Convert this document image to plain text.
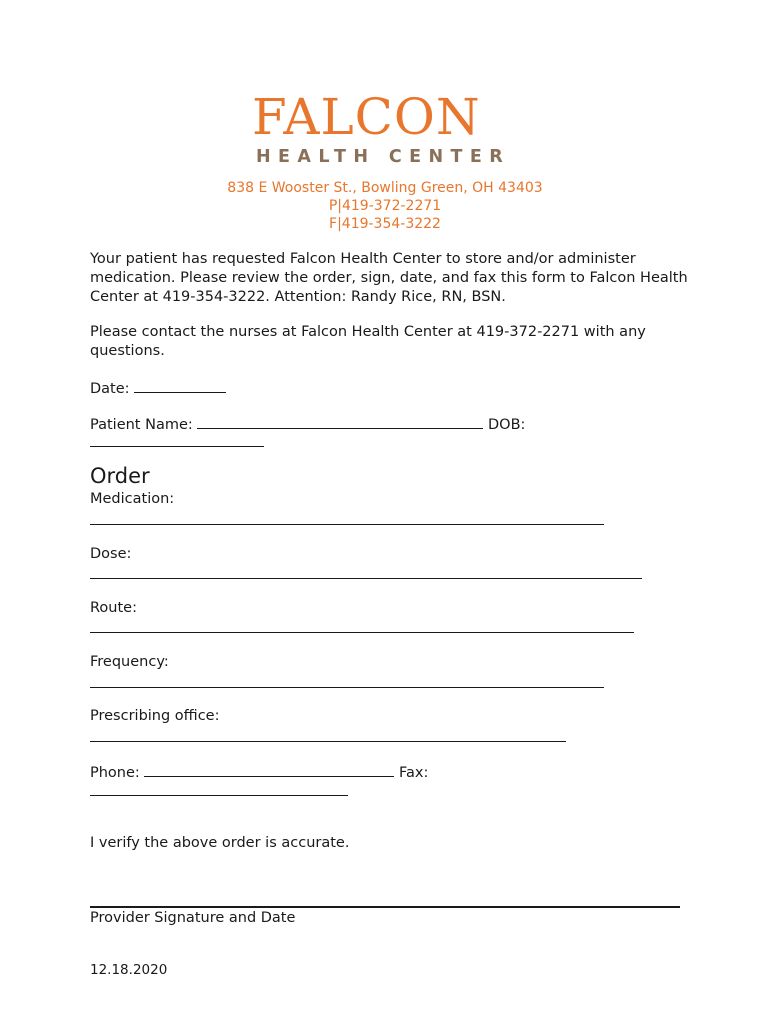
FALCON
HEALTH CENTER
838 E Wooster St., Bowling Green, OH 43403
P|419-372-2271
F|419-354-3222
Your patient has requested Falcon Health Center to store and/or administer medication. Please review the order, sign, date, and fax this form to Falcon Health Center at 419-354-3222. Attention: Randy Rice, RN, BSN.
Please contact the nurses at Falcon Health Center at 419-372-2271 with any questions.
Date:
Patient Name:	DOB:
Order
Medication:
Dose:
Route:
Frequency:
Prescribing office:
Phone:	Fax:
I verify the above order is accurate.
Provider Signature and Date
12.18.2020
